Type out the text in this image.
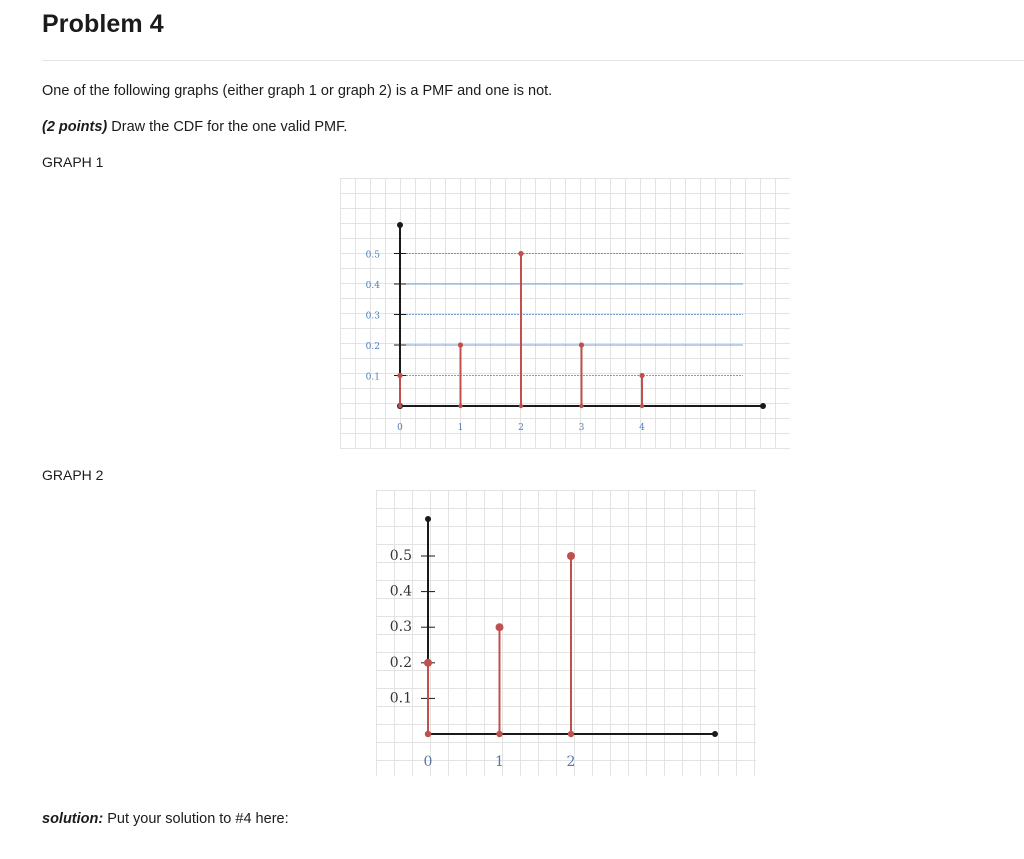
Problem 4

One of the following graphs (either graph 1 or graph 2) is a PMF and one is not.

(2 points) Draw the CDF for the one valid PMF.

GRAPH 1

0.1
0.2
0.3
0.4
0.5
0	1	2	3	4

GRAPH 2

0.1
0.2
0.3
0.4
0.5
0	1	2

solution: Put your solution to #4 here:
